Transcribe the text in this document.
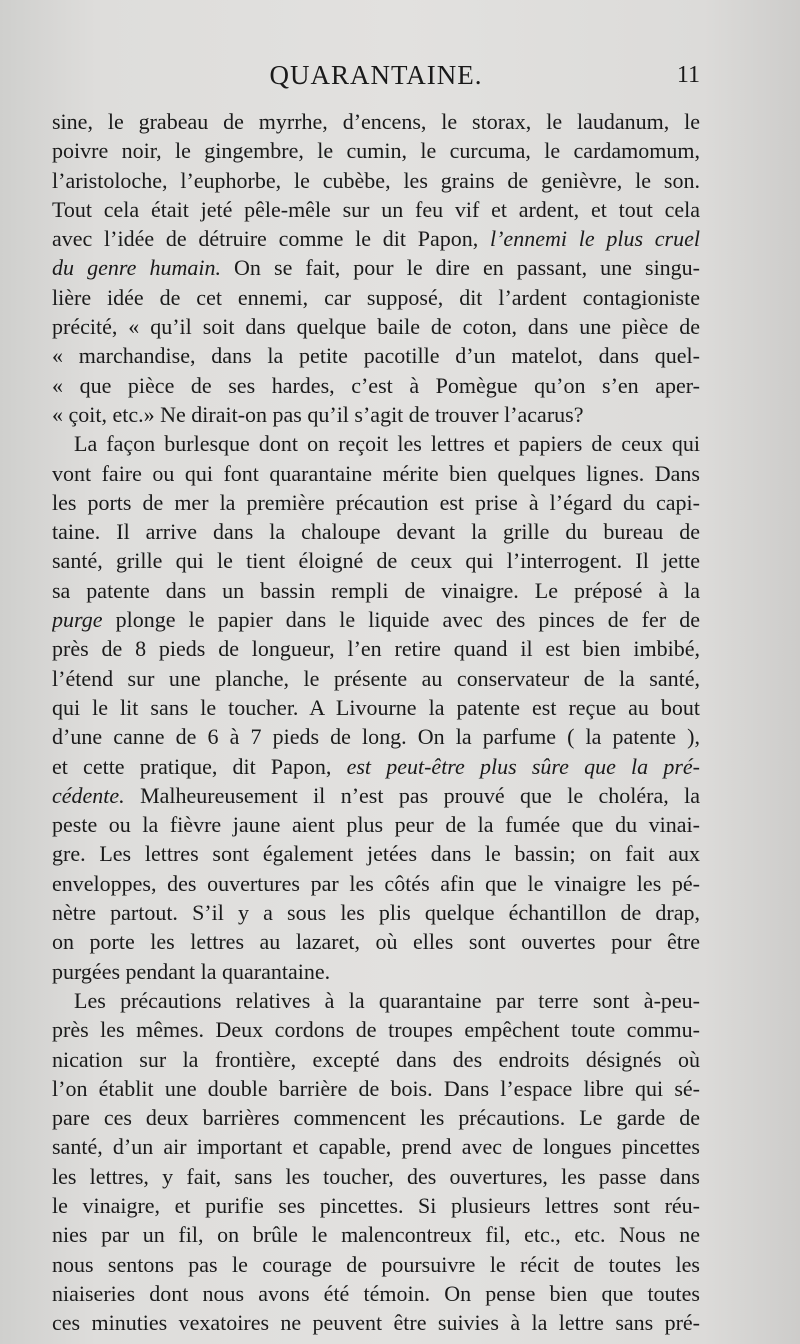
QUARANTAINE.	11
sine, le grabeau de myrrhe, d’encens, le storax, le laudanum, le
poivre noir, le gingembre, le cumin, le curcuma, le cardamomum,
l’aristoloche, l’euphorbe, le cubèbe, les grains de genièvre, le son.
Tout cela était jeté pêle-mêle sur un feu vif et ardent, et tout cela
avec l’idée de détruire comme le dit Papon, l’ennemi le plus cruel
du genre humain. On se fait, pour le dire en passant, une singu-
lière idée de cet ennemi, car supposé, dit l’ardent contagioniste
précité, « qu’il soit dans quelque baile de coton, dans une pièce de
« marchandise, dans la petite pacotille d’un matelot, dans quel-
« que pièce de ses hardes, c’est à Pomègue qu’on s’en aper-
« çoit, etc.» Ne dirait-on pas qu’il s’agit de trouver l’acarus?
La façon burlesque dont on reçoit les lettres et papiers de ceux qui
vont faire ou qui font quarantaine mérite bien quelques lignes. Dans
les ports de mer la première précaution est prise à l’égard du capi-
taine. Il arrive dans la chaloupe devant la grille du bureau de
santé, grille qui le tient éloigné de ceux qui l’interrogent. Il jette
sa patente dans un bassin rempli de vinaigre. Le préposé à la
purge plonge le papier dans le liquide avec des pinces de fer de
près de 8 pieds de longueur, l’en retire quand il est bien imbibé,
l’étend sur une planche, le présente au conservateur de la santé,
qui le lit sans le toucher. A Livourne la patente est reçue au bout
d’une canne de 6 à 7 pieds de long. On la parfume ( la patente ),
et cette pratique, dit Papon, est peut-être plus sûre que la pré-
cédente. Malheureusement il n’est pas prouvé que le choléra, la
peste ou la fièvre jaune aient plus peur de la fumée que du vinai-
gre. Les lettres sont également jetées dans le bassin; on fait aux
enveloppes, des ouvertures par les côtés afin que le vinaigre les pé-
nètre partout. S’il y a sous les plis quelque échantillon de drap,
on porte les lettres au lazaret, où elles sont ouvertes pour être
purgées pendant la quarantaine.
Les précautions relatives à la quarantaine par terre sont à-peu-
près les mêmes. Deux cordons de troupes empêchent toute commu-
nication sur la frontière, excepté dans des endroits désignés où
l’on établit une double barrière de bois. Dans l’espace libre qui sé-
pare ces deux barrières commencent les précautions. Le garde de
santé, d’un air important et capable, prend avec de longues pincettes
les lettres, y fait, sans les toucher, des ouvertures, les passe dans
le vinaigre, et purifie ses pincettes. Si plusieurs lettres sont réu-
nies par un fil, on brûle le malencontreux fil, etc., etc. Nous ne
nous sentons pas le courage de poursuivre le récit de toutes les
niaiseries dont nous avons été témoin. On pense bien que toutes
ces minuties vexatoires ne peuvent être suivies à la lettre sans pré-
